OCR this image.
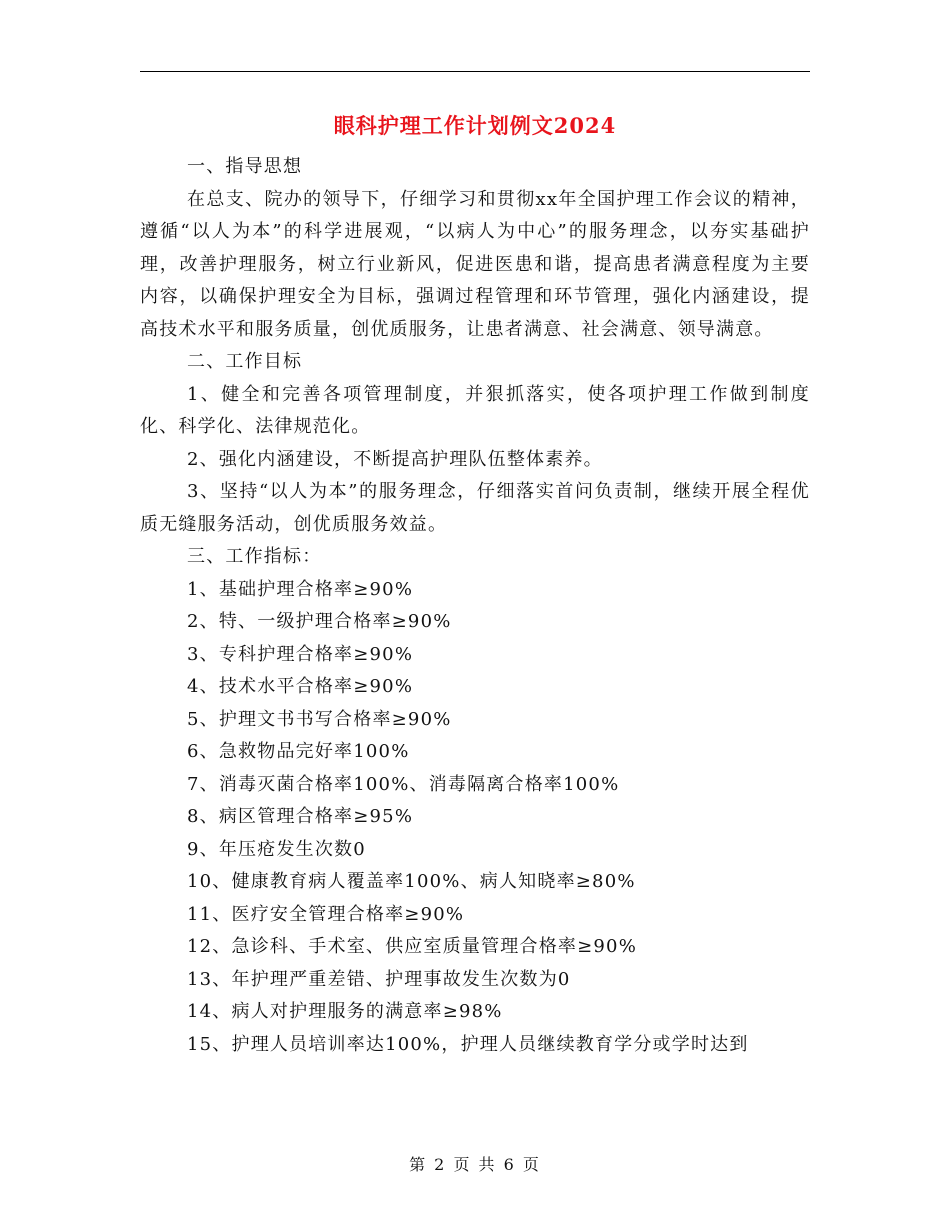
眼科护理工作计划例文2024

一、指导思想

在总支、院办的领导下，仔细学习和贯彻xx年全国护理工作会议的精神，遵循“以人为本”的科学进展观，“以病人为中心”的服务理念，以夯实基础护理，改善护理服务，树立行业新风，促进医患和谐，提高患者满意程度为主要内容，以确保护理安全为目标，强调过程管理和环节管理，强化内涵建设，提高技术水平和服务质量，创优质服务，让患者满意、社会满意、领导满意。

二、工作目标

1、健全和完善各项管理制度，并狠抓落实，使各项护理工作做到制度化、科学化、法律规范化。

2、强化内涵建设，不断提高护理队伍整体素养。

3、坚持“以人为本”的服务理念，仔细落实首问负责制，继续开展全程优质无缝服务活动，创优质服务效益。

三、工作指标：

1、基础护理合格率≥90%

2、特、一级护理合格率≥90%

3、专科护理合格率≥90%

4、技术水平合格率≥90%

5、护理文书书写合格率≥90%

6、急救物品完好率100%

7、消毒灭菌合格率100%、消毒隔离合格率100%

8、病区管理合格率≥95%

9、年压疮发生次数0

10、健康教育病人覆盖率100%、病人知晓率≥80%

11、医疗安全管理合格率≥90%

12、急诊科、手术室、供应室质量管理合格率≥90%

13、年护理严重差错、护理事故发生次数为0

14、病人对护理服务的满意率≥98%

15、护理人员培训率达100%，护理人员继续教育学分或学时达到

第 2 页 共 6 页
